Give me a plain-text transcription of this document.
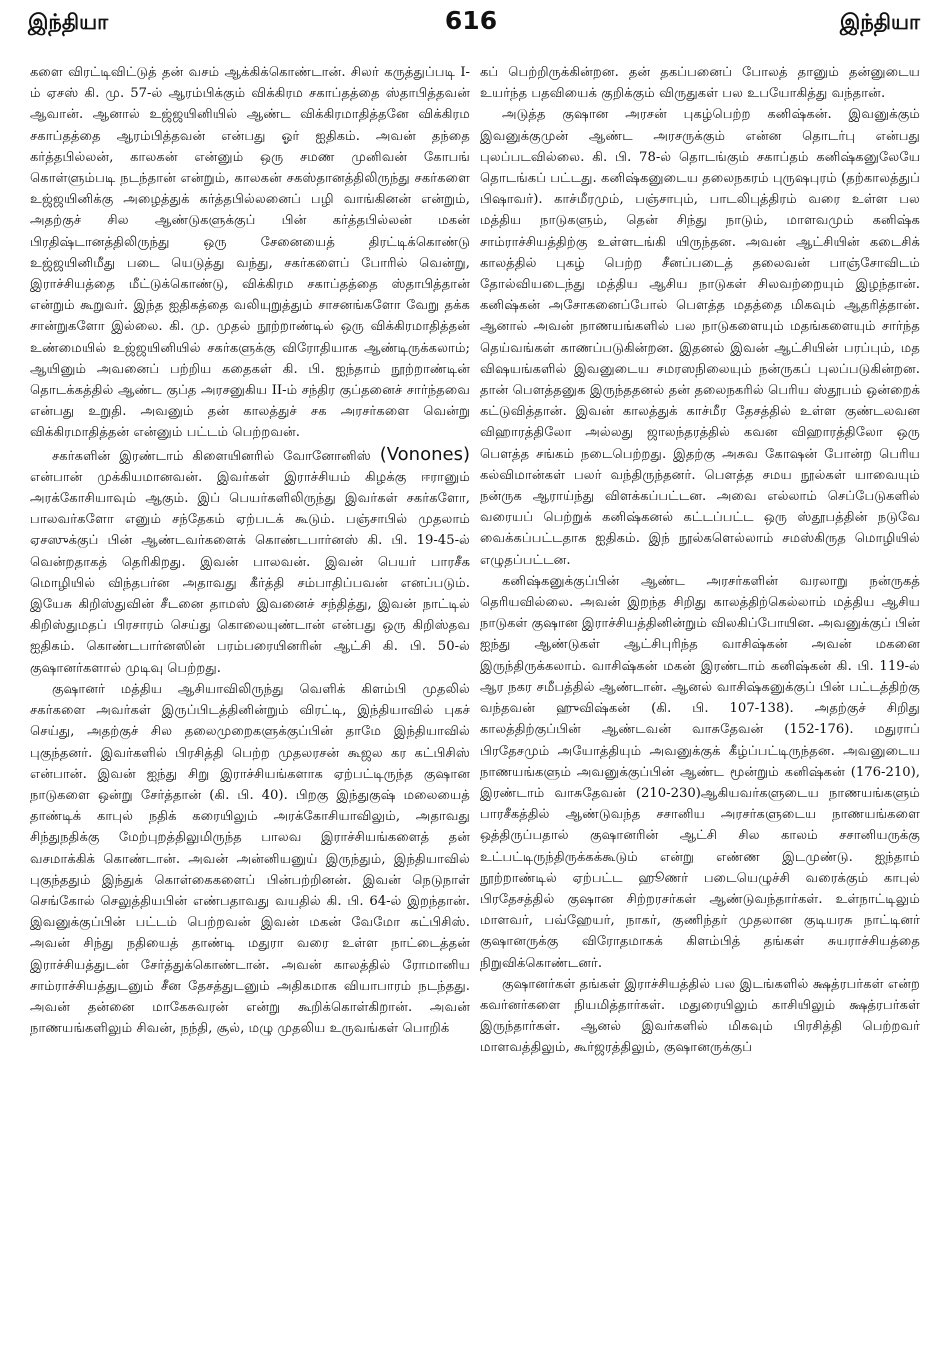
இந்தியா	616	இந்தியா

களை விரட்டிவிட்டுத் தன் வசம் ஆக்கிக்கொண்டான். சிலர் கருத்துப்படி I-ம் ஏசஸ் கி. மு. 57-ல் ஆரம்பிக்கும் விக்கிரம சகாப்தத்தை ஸ்தாபித்தவன் ஆவான். ஆனால் உஜ்ஜயினியில் ஆண்ட விக்கிரமாதித்தனே விக்கிரம சகாப்தத்தை ஆரம்பித்தவன் என்பது ஓர் ஐதிகம். அவன் தந்தை கர்த்தபில்லன், காலகன் என்னும் ஒரு சமண முனிவன் கோபங் கொள்ளும்படி நடந்தான் என்றும், காலகன் சகஸ்தானத்திலிருந்து சகர்களை உஜ்ஜயினிக்கு அழைத்துக் கர்த்தபில்லனைப் பழி வாங்கினன் என்றும், அதற்குச் சில ஆண்டுகளுக்குப் பின் கர்த்தபில்லன் மகன் பிரதிஷ்டானத்திலிருந்து ஒரு சேனையைத் திரட்டிக்கொண்டு உஜ்ஜயினிமீது படை யெடுத்து வந்து, சகர்களைப் போரில் வென்று, இராச்சியத்தை மீட்டுக்கொண்டு, விக்கிரம சகாப்தத்தை ஸ்தாபித்தான் என்றும் கூறுவர். இந்த ஐதிகத்தை வலியுறுத்தும் சாசனங்களோ வேறு தக்க சான்றுகளோ இல்லை. கி. மு. முதல் நூற்றாண்டில் ஒரு விக்கிரமாதித்தன் உண்மையில் உஜ்ஜயினியில் சகர்களுக்கு விரோதியாக ஆண்டிருக்கலாம்; ஆயினும் அவனைப் பற்றிய கதைகள் கி. பி. ஐந்தாம் நூற்றாண்டின் தொடக்கத்தில் ஆண்ட குப்த அரசனுகிய II-ம் சந்திர குப்தனைச் சார்ந்தவை என்பது உறுதி. அவனும் தன் காலத்துச் சக அரசர்களை வென்று விக்கிரமாதித்தன் என்னும் பட்டம் பெற்றவன்.

சகர்களின் இரண்டாம் கிளையினரில் வோனோனிஸ் (Vonones) என்பான் முக்கியமானவன். இவர்கள் இராச்சியம் கிழக்கு ஈரானும் அரக்கோசியாவும் ஆகும். இப் பெயர்களிலிருந்து இவர்கள் சகர்களோ, பாலவர்களோ எனும் சந்தேகம் ஏற்படக் கூடும். பஞ்சாபில் முதலாம் ஏசஸுக்குப் பின் ஆண்டவர்களைக் கொண்டபார்னஸ் கி. பி. 19-45-ல் வென்றதாகத் தெரிகிறது. இவன் பாலவன். இவன் பெயர் பாரசீக மொழியில் விந்தபர்ன அதாவது கீர்த்தி சம்பாதிப்பவன் எனப்படும். இயேசு கிறிஸ்துவின் சீடனை தாமஸ் இவனைச் சந்தித்து, இவன் நாட்டில் கிறிஸ்துமதப் பிரசாரம் செய்து கொலையுண்டான் என்பது ஒரு கிறிஸ்தவ ஐதிகம். கொண்டபார்னஸின் பரம்பரையினரின் ஆட்சி கி. பி. 50-ல் குஷானர்களால் முடிவு பெற்றது.

குஷானர் மத்திய ஆசியாவிலிருந்து வெளிக் கிளம்பி முதலில் சகர்களை அவர்கள் இருப்பிடத்தினின்றும் விரட்டி, இந்தியாவில் புகச் செய்து, அதற்குச் சில தலைமுறைகளுக்குப்பின் தாமே இந்தியாவில் புகுந்தனர். இவர்களில் பிரசித்தி பெற்ற முதலரசன் கூஜல கர கட்பிசிஸ் என்பான். இவன் ஐந்து சிறு இராச்சியங்களாக ஏற்பட்டிருந்த குஷான நாடுகளை ஒன்று சேர்த்தான் (கி. பி. 40). பிறகு இந்துகுஷ் மலையைத் தாண்டிக் காபுல் நதிக் கரையிலும் அரக்கோசியாவிலும், அதாவது சிந்துநதிக்கு மேற்புறத்திலுமிருந்த பாலவ இராச்சியங்களைத் தன் வசமாக்கிக் கொண்டான். அவன் அன்னியனுய் இருந்தும், இந்தியாவில் புகுந்ததும் இந்துக் கொள்கைகளைப் பின்பற்றினன். இவன் நெடுநாள் செங்கோல் செலுத்தியபின் எண்பதாவது வயதில் கி. பி. 64-ல் இறந்தான். இவனுக்குப்பின் பட்டம் பெற்றவன் இவன் மகன் வேமோ கட்பிசிஸ். அவன் சிந்து நதியைத் தாண்டி மதுரா வரை உள்ள நாட்டைத்தன் இராச்சியத்துடன் சேர்த்துக்கொண்டான். அவன் காலத்தில் ரோமானிய சாம்ராச்சியத்துடனும் சீன தேசத்துடனும் அதிகமாக வியாபாரம் நடந்தது. அவன் தன்னை மாகேசுவரன் என்று கூறிக்கொள்கிறான். அவன் நாணயங்களிலும் சிவன், நந்தி, சூல், மழு முதலிய உருவங்கள் பொறிக்

கப் பெற்றிருக்கின்றன. தன் தகப்பனைப் போலத் தானும் தன்னுடைய உயர்ந்த பதவியைக் குறிக்கும் விருதுகள் பல உபயோகித்து வந்தான்.

அடுத்த குஷான அரசன் புகழ்பெற்ற கனிஷ்கன். இவனுக்கும் இவனுக்குமுன் ஆண்ட அரசருக்கும் என்ன தொடர்பு என்பது புலப்படவில்லை. கி. பி. 78-ல் தொடங்கும் சகாப்தம் கனிஷ்கனுலேயே தொடங்கப் பட்டது. கனிஷ்கனுடைய தலைநகரம் புருஷபுரம் (தற்காலத்துப் பிஷாவர்). காச்மீரமும், பஞ்சாபும், பாடலிபுத்திரம் வரை உள்ள பல மத்திய நாடுகளும், தென் சிந்து நாடும், மாளவமும் கனிஷ்க சாம்ராச்சியத்திற்கு உள்ளடங்கி யிருந்தன. அவன் ஆட்சியின் கடைசிக் காலத்தில் புகழ் பெற்ற சீனப்படைத் தலைவன் பாஞ்சோவிடம் தோல்வியடைந்து மத்திய ஆசிய நாடுகள் சிலவற்றையும் இழந்தான். கனிஷ்கன் அசோகனைப்போல் பௌத்த மதத்தை மிகவும் ஆதரித்தான். ஆனால் அவன் நாணயங்களில் பல நாடுகளையும் மதங்களையும் சார்ந்த தெய்வங்கள் காணப்படுகின்றன. இதனல் இவன் ஆட்சியின் பரப்பும், மத விஷயங்களில் இவனுடைய சமரஸநிலையும் நன்ருகப் புலப்படுகின்றன. தான் பௌத்தனுக இருந்ததனல் தன் தலைநகரில் பெரிய ஸ்தூபம் ஒன்றைக் கட்டுவித்தான். இவன் காலத்துக் காச்மீர தேசத்தில் உள்ள குண்டலவன விஹாரத்திலோ அல்லது ஜாலந்தரத்தில் கவன விஹாரத்திலோ ஒரு பௌத்த சங்கம் நடைபெற்றது. இதற்கு அசுவ கோஷன் போன்ற பெரிய கல்விமான்கள் பலர் வந்திருந்தனர். பௌத்த சமய நூல்கள் யாவையும் நன்ருக ஆராய்ந்து விளக்கப்பட்டன. அவை எல்லாம் செப்பேடுகளில் வரையப் பெற்றுக் கனிஷ்கனல் கட்டப்பட்ட ஒரு ஸ்தூபத்தின் நடுவே வைக்கப்பட்டதாக ஐதிகம். இந் நூல்களெல்லாம் சமஸ்கிருத மொழியில் எழுதப்பட்டன.

கனிஷ்கனுக்குப்பின் ஆண்ட அரசர்களின் வரலாறு நன்ருகத் தெரியவில்லை. அவன் இறந்த சிறிது காலத்திற்கெல்லாம் மத்திய ஆசிய நாடுகள் குஷான இராச்சியத்தினின்றும் விலகிப்போயின. அவனுக்குப் பின் ஐந்து ஆண்டுகள் ஆட்சிபுரிந்த வாசிஷ்கன் அவன் மகனை இருந்திருக்கலாம். வாசிஷ்கன் மகன் இரண்டாம் கனிஷ்கன் கி. பி. 119-ல் ஆர நகர சமீபத்தில் ஆண்டான். ஆனல் வாசிஷ்கனுக்குப் பின் பட்டத்திற்கு வந்தவன் ஹுவிஷ்கன் (கி. பி. 107-138). அதற்குச் சிறிது காலத்திற்குப்பின் ஆண்டவன் வாசுதேவன் (152-176). மதுராப் பிரதேசமும் அயோத்தியும் அவனுக்குக் கீழ்ப்பட்டிருந்தன. அவனுடைய நாணயங்களும் அவனுக்குப்பின் ஆண்ட மூன்றும் கனிஷ்கன் (176-210), இரண்டாம் வாசுதேவன் (210-230)ஆகியவர்களுடைய நாணயங்களும் பாரசீகத்தில் ஆண்டுவந்த சசானிய அரசர்களுடைய நாணயங்களை ஒத்திருப்பதால் குஷானரின் ஆட்சி சில காலம் சசானியருக்கு உட்பட்டிருந்திருக்கக்கூடும் என்று எண்ண இடமுண்டு. ஐந்தாம் நூற்றாண்டில் ஏற்பட்ட ஹூணர் படையெழுச்சி வரைக்கும் காபுல் பிரதேசத்தில் குஷான சிற்றரசர்கள் ஆண்டுவந்தார்கள். உள்நாட்டிலும் மாளவர், பவ்ஹேயர், நாகர், குணிந்தர் முதலான குடியரசு நாட்டினர் குஷானருக்கு விரோதமாகக் கிளம்பித் தங்கள் சுயராச்சியத்தை நிறுவிக்கொண்டனர்.

குஷானர்கள் தங்கள் இராச்சியத்தில் பல இடங்களில் க்ஷத்ரபர்கள் என்ற கவர்னர்களை நியமித்தார்கள். மதுரையிலும் காசியிலும் க்ஷத்ரபர்கள் இருந்தார்கள். ஆனல் இவர்களில் மிகவும் பிரசித்தி பெற்றவர் மாளவத்திலும், கூர்ஜரத்திலும், குஷானருக்குப்
